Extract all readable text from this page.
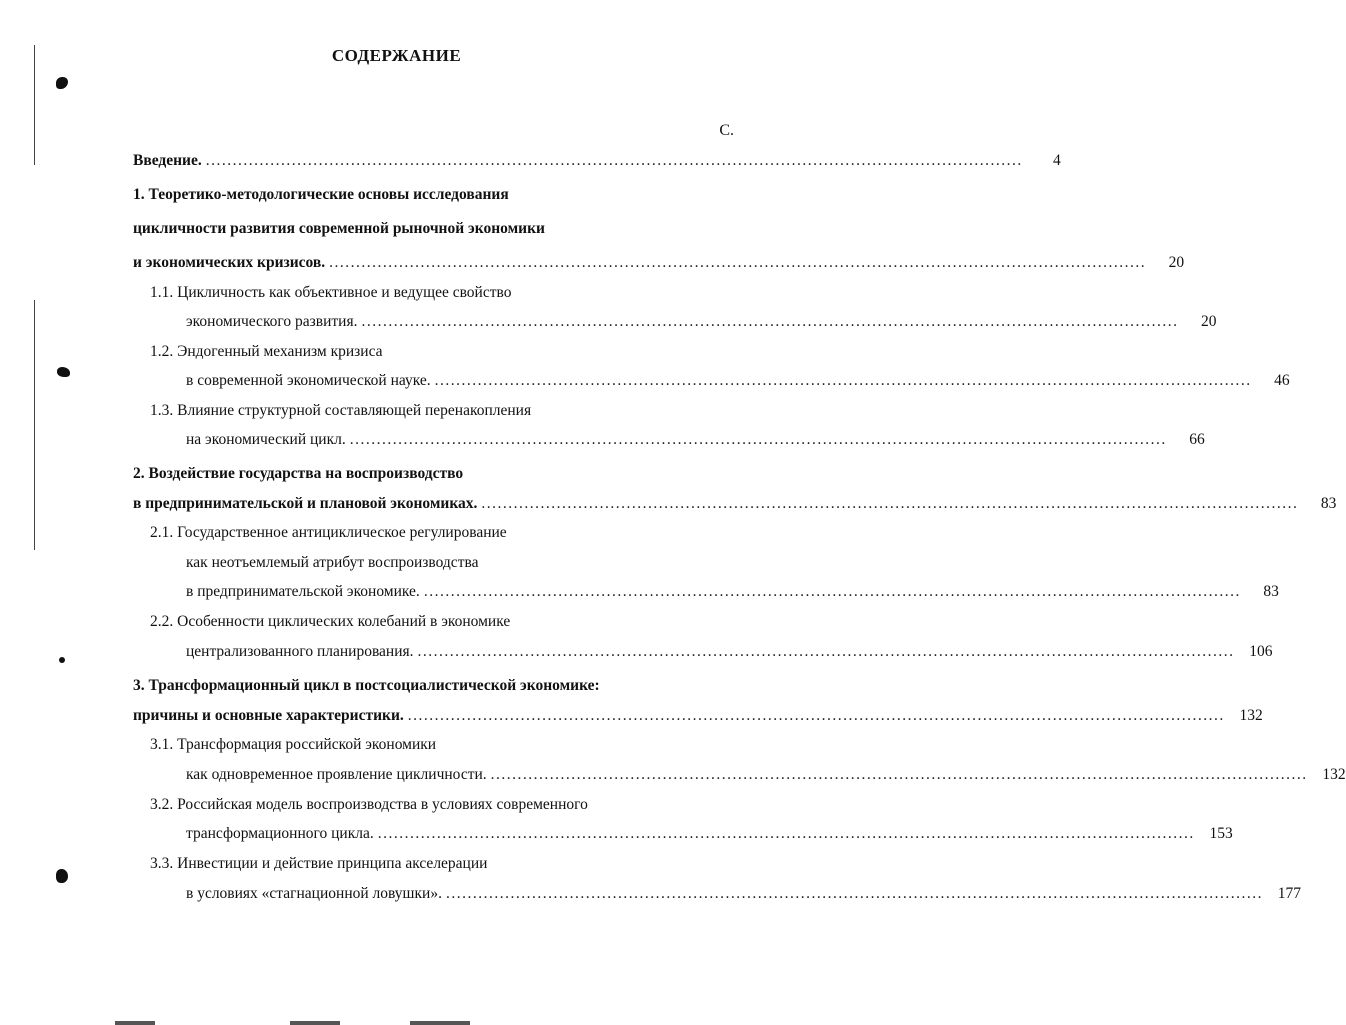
СОДЕРЖАНИЕ
С.
Введение. ........................................................................................................................................................	4
1. Теоретико-методологические основы исследования
цикличности развития современной рыночной экономики
и экономических кризисов. ........................................................................................................................................................	20
1.1. Цикличность как объективное и ведущее свойство
экономического развития. ........................................................................................................................................................	20
1.2. Эндогенный механизм кризиса
в современной экономической науке. ........................................................................................................................................................	46
1.3. Влияние структурной составляющей перенакопления
на экономический цикл. ........................................................................................................................................................	66
2. Воздействие государства на воспроизводство
в предпринимательской и плановой экономиках. ........................................................................................................................................................	83
2.1. Государственное антициклическое регулирование
как неотъемлемый атрибут воспроизводства
в предпринимательской экономике. ........................................................................................................................................................	83
2.2. Особенности циклических колебаний в экономике
централизованного планирования. ........................................................................................................................................................ 106
3. Трансформационный цикл в постсоциалистической экономике:
причины и основные характеристики. ........................................................................................................................................................ 132
3.1. Трансформация российской экономики
как одновременное проявление цикличности. ........................................................................................................................................................ 132
3.2. Российская модель воспроизводства в условиях современного
трансформационного цикла. ........................................................................................................................................................ 153
3.3. Инвестиции и действие принципа акселерации
в условиях «стагнационной ловушки». ........................................................................................................................................................ 177
